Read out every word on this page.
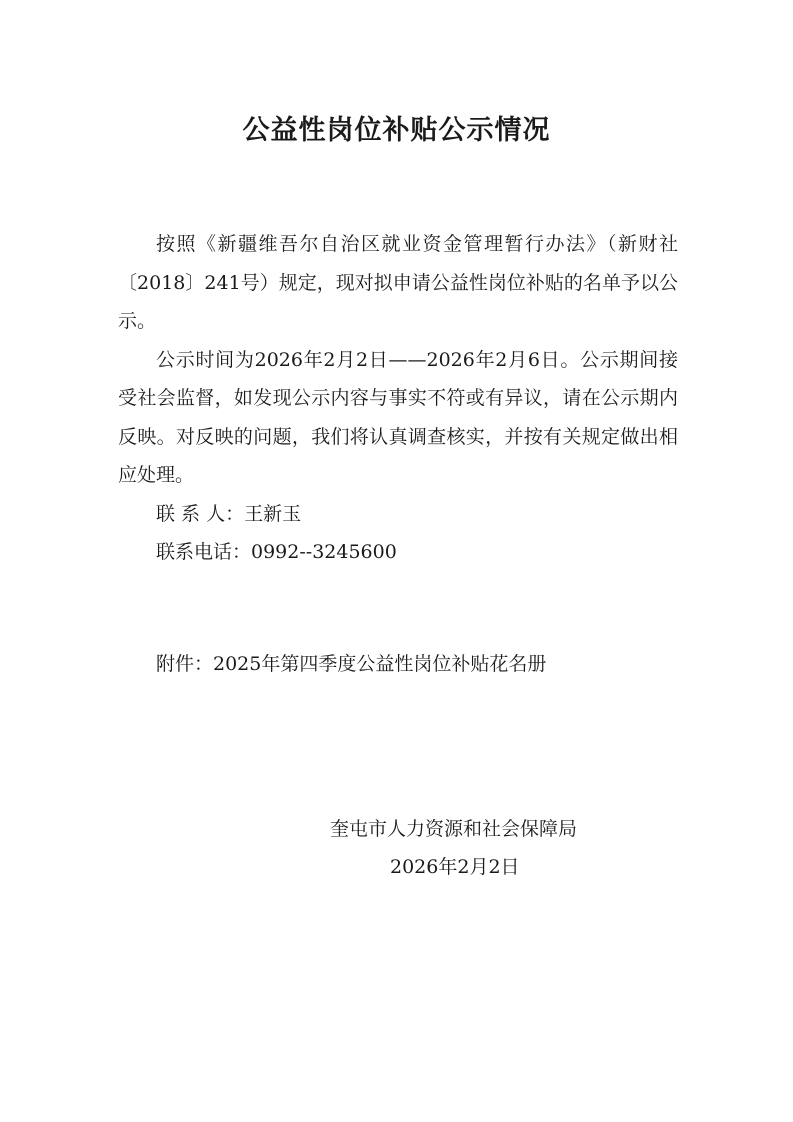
公益性岗位补贴公示情况

按照《新疆维吾尔自治区就业资金管理暂行办法》（新财社〔2018〕241号）规定，现对拟申请公益性岗位补贴的名单予以公示。

公示时间为2026年2月2日——2026年2月6日。公示期间接受社会监督，如发现公示内容与事实不符或有异议，请在公示期内反映。对反映的问题，我们将认真调查核实，并按有关规定做出相应处理。

联 系 人：王新玉
联系电话：0992--3245600
附件：2025年第四季度公益性岗位补贴花名册
奎屯市人力资源和社会保障局
2026年2月2日
